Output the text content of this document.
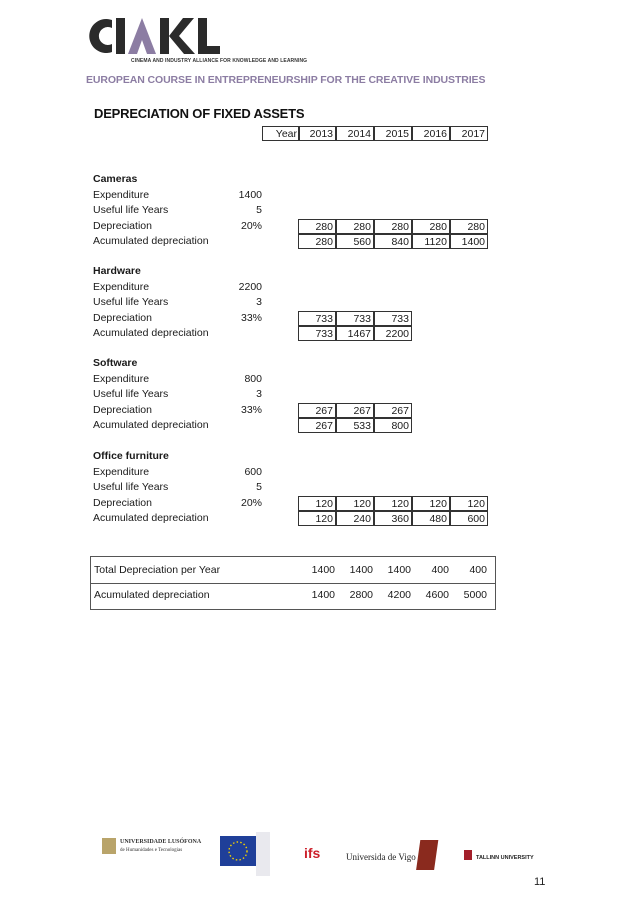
CINEMA AND INDUSTRY ALLIANCE FOR KNOWLEDGE AND LEARNING
EUROPEAN COURSE IN ENTREPRENEURSHIP FOR THE CREATIVE INDUSTRIES
DEPRECIATION OF FIXED ASSETS
Year	2013	2014	2015	2016	2017
Cameras
Expenditure	1400
Useful life Years	5
Depreciation	20%	280	280	280	280	280
Acumulated depreciation	280	560	840	1120	1400
Hardware
Expenditure	2200
Useful life Years	3
Depreciation	33%	733	733	733
Acumulated depreciation	733	1467	2200
Software
Expenditure	800
Useful life Years	3
Depreciation	33%	267	267	267
Acumulated depreciation	267	533	800
Office furniture
Expenditure	600
Useful life Years	5
Depreciation	20%	120	120	120	120	120
Acumulated depreciation	120	240	360	480	600
Total Depreciation per Year	1400	1400	1400	400	400
Acumulated depreciation	1400	2800	4200	4600	5000
UNIVERSIDADE LUSÓFONA
de Humanidades e Tecnologias	ifs	Universida de Vigo	TALLINN UNIVERSITY
11
